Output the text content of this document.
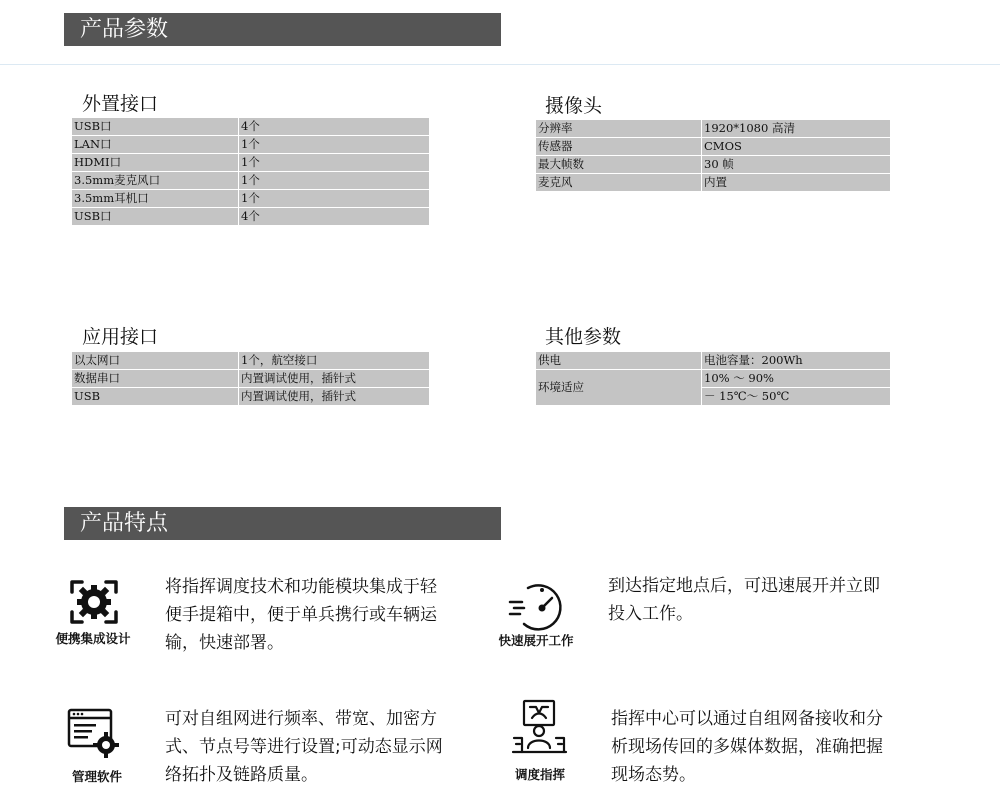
产品参数
外置接口
USB口	4个
LAN口	1个
HDMI口	1个
3.5mm麦克风口	1个
3.5mm耳机口	1个
USB口	4个
摄像头
分辨率	1920*1080 高清
传感器	CMOS
最大帧数	30 帧
麦克风	内置
应用接口
以太网口	1个，航空接口
数据串口	内置调试使用，插针式
USB	内置调试使用，插针式
其他参数
供电	电池容量：200Wh
环境适应	10% ～ 90%
	－ 15℃～ 50℃
产品特点
便携集成设计
将指挥调度技术和功能模块集成于轻
便手提箱中，便于单兵携行或车辆运
输，快速部署。	快速展开工作
到达指定地点后，可迅速展开并立即
投入工作。
管理软件
可对自组网进行频率、带宽、加密方
式、节点号等进行设置;可动态显示网
络拓扑及链路质量。	调度指挥
指挥中心可以通过自组网备接收和分
析现场传回的多媒体数据，准确把握
现场态势。
